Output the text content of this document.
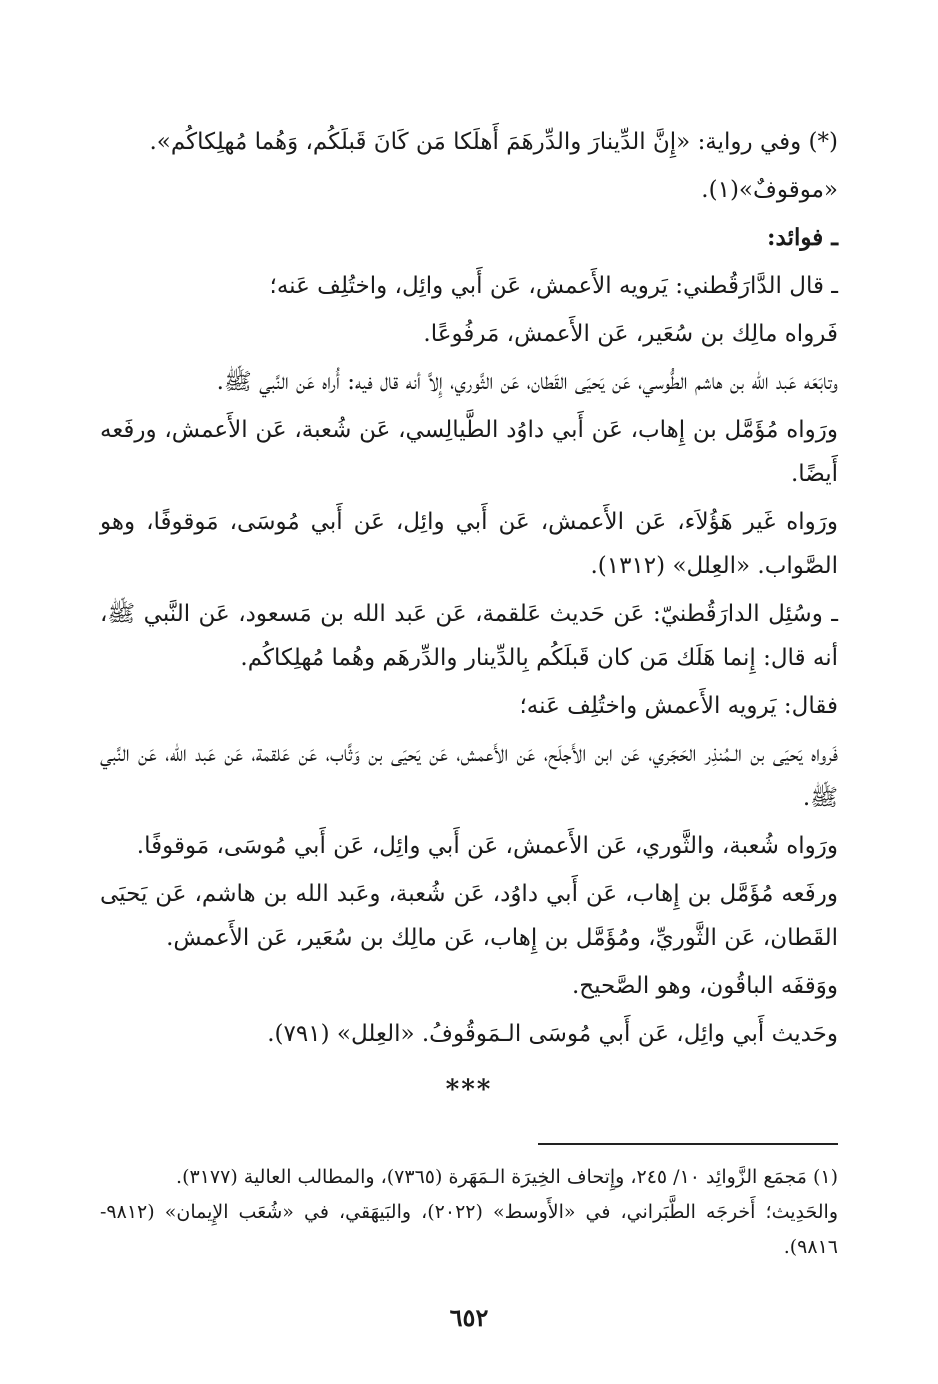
(*) وفي رواية: «إِنَّ الدِّينارَ والدِّرهَمَ أَهلَكا مَن كَانَ قَبلَكُم، وَهُما مُهلِكاكُم».

«موقوفٌ»(١).

ـ فوائد:

ـ قال الدَّارَقُطني: يَرويه الأَعمش، عَن أَبي وائِل، واختُلِف عَنه؛

فَرواه مالِك بن سُعَير، عَن الأَعمش، مَرفُوعًا.

وتابَعَه عَبد الله بن هاشم الطُّوسي، عَن يَحيَى القَطان، عَن الثَّوري، إِلاَّ أنه قال فيه: أُراه عَن النَّبي ﷺ.

ورَواه مُؤَمَّل بن إِهاب، عَن أَبي داوُد الطَّيالِسي، عَن شُعبة، عَن الأَعمش، ورفَعه أَيضًا.

ورَواه غَير هَؤُلاَء، عَن الأَعمش، عَن أَبي وائِل، عَن أَبي مُوسَى، مَوقوفًا، وهو الصَّواب. «العِلل» (١٣١٢).

ـ وسُئِل الدارَقُطنيّ: عَن حَديث عَلقمة، عَن عَبد الله بن مَسعود، عَن النَّبي ﷺ، أنه قال: إِنما هَلَك مَن كان قَبلَكُم بِالدِّينار والدِّرهَم وهُما مُهلِكاكُم.

فقال: يَرويه الأَعمش واختُلِف عَنه؛

فَرواه يَحيَى بن الـمُنذِر الحَجَري، عَن ابن الأَجلَح، عَن الأَعمش، عَن يَحيَى بن وَثَّاب، عَن عَلقمة، عَن عَبد الله، عَن النَّبي ﷺ.

ورَواه شُعبة، والثَّوري، عَن الأَعمش، عَن أَبي وائِل، عَن أَبي مُوسَى، مَوقوفًا.

ورفَعه مُؤَمَّل بن إِهاب، عَن أَبي داوُد، عَن شُعبة، وعَبد الله بن هاشم، عَن يَحيَى القَطان، عَن الثَّوريِّ، ومُؤَمَّل بن إِهاب، عَن مالِك بن سُعَير، عَن الأَعمش.

ووَقفَه الباقُون، وهو الصَّحيح.

وحَديث أَبي وائِل، عَن أَبي مُوسَى الـمَوقُوفُ. «العِلل» (٧٩١).

***

(١) مَجمَع الزَّوائِد ١٠/ ٢٤٥، وإِتحاف الخِيرَة الـمَهَرة (٧٣٦٥)، والمطالب العالية (٣١٧٧).

والحَدِيث؛ أَخرجَه الطَّبَراني، في «الأَوسط» (٢٠٢٢)، والبَيهَقي، في «شُعَب الإِيمان» (٩٨١٢- ٩٨١٦).

٦٥٢
